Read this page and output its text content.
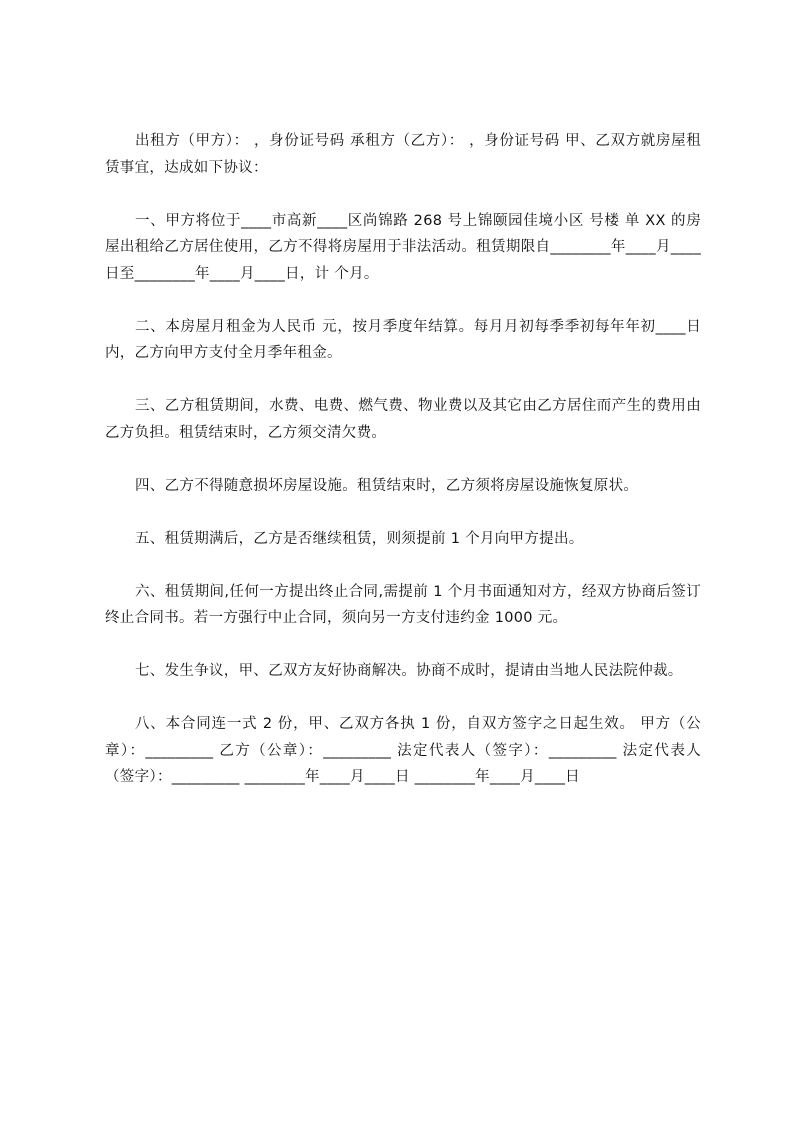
出租方（甲方）： ，身份证号码 承租方（乙方）： ，身份证号码 甲、乙双方就房屋租赁事宜，达成如下协议：

一、甲方将位于____市高新____区尚锦路 268 号上锦颐园佳境小区 号楼 单 XX 的房屋出租给乙方居住使用，乙方不得将房屋用于非法活动。租赁期限自________年____月____日至________年____月____日，计 个月。

二、本房屋月租金为人民币 元，按月季度年结算。每月月初每季季初每年年初____日内，乙方向甲方支付全月季年租金。

三、乙方租赁期间，水费、电费、燃气费、物业费以及其它由乙方居住而产生的费用由乙方负担。租赁结束时，乙方须交清欠费。

四、乙方不得随意损坏房屋设施。租赁结束时，乙方须将房屋设施恢复原状。

五、租赁期满后，乙方是否继续租赁，则须提前 1 个月向甲方提出。

六、租赁期间,任何一方提出终止合同,需提前 1 个月书面通知对方，经双方协商后签订终止合同书。若一方强行中止合同，须向另一方支付违约金 1000 元。

七、发生争议，甲、乙双方友好协商解决。协商不成时，提请由当地人民法院仲裁。

八、本合同连一式 2 份，甲、乙双方各执 1 份，自双方签字之日起生效。 甲方（公章）：_________ 乙方（公章）：_________ 法定代表人（签字）：_________ 法定代表人（签字）：_________ ________年____月____日 ________年____月____日
